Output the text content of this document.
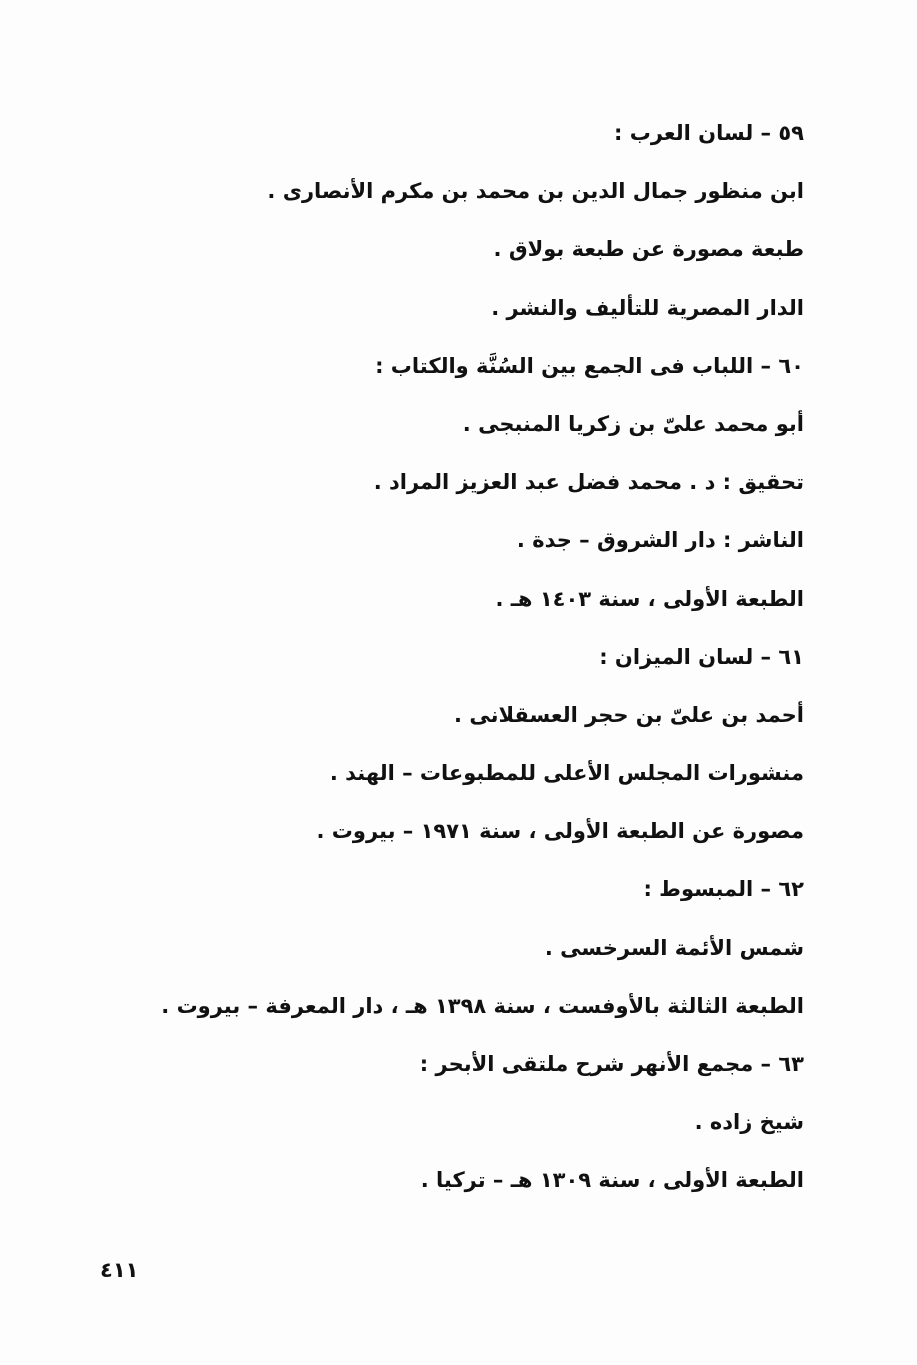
٥٩ – لسان العرب :
ابن منظور جمال الدين بن محمد بن مكرم الأنصارى .
طبعة مصورة عن طبعة بولاق .
الدار المصرية للتأليف والنشر .
٦٠ – اللباب فى الجمع بين السُنَّة والكتاب :
أبو محمد علىّ بن زكريا المنبجى .
تحقيق : د . محمد فضل عبد العزيز المراد .
الناشر : دار الشروق – جدة .
الطبعة الأولى ، سنة ١٤٠٣ هـ .
٦١ – لسان الميزان :
أحمد بن علىّ بن حجر العسقلانى .
منشورات المجلس الأعلى للمطبوعات – الهند .
مصورة عن الطبعة الأولى ، سنة ١٩٧١ – بيروت .
٦٢ – المبسوط :
شمس الأئمة السرخسى .
الطبعة الثالثة بالأوفست ، سنة ١٣٩٨ هـ ، دار المعرفة – بيروت .
٦٣ – مجمع الأنهر شرح ملتقى الأبحر :
شيخ زاده .
الطبعة الأولى ، سنة ١٣٠٩ هـ – تركيا .
٤١١
